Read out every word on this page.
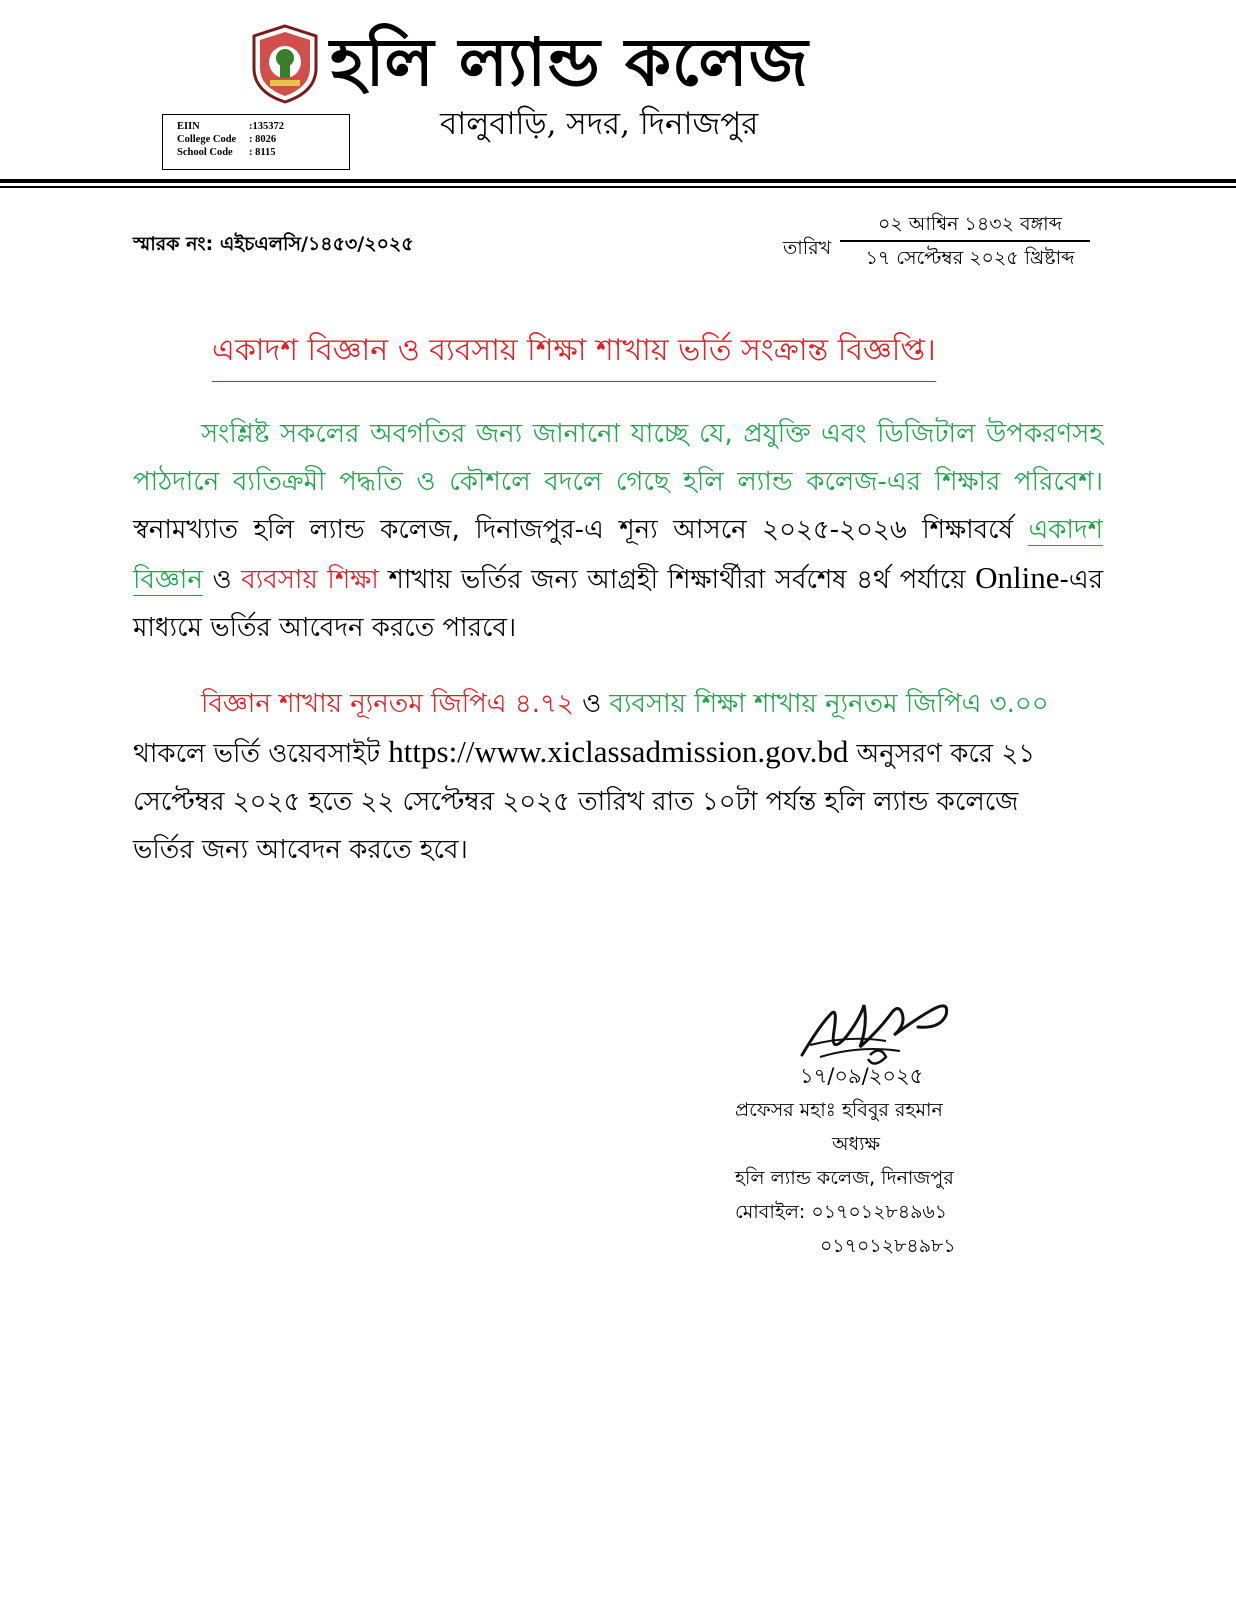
হলি ল্যান্ড কলেজ
বালুবাড়ি, সদর, দিনাজপুর
EIIN	:135372
College Code	: 8026
School Code	: 8115
স্মারক নং: এইচএলসি/১৪৫৩/২০২৫	তারিখ
০২ আশ্বিন ১৪৩২ বঙ্গাব্দ
১৭ সেপ্টেম্বর ২০২৫ খ্রিষ্টাব্দ
একাদশ বিজ্ঞান ও ব্যবসায় শিক্ষা শাখায় ভর্তি সংক্রান্ত বিজ্ঞপ্তি।
সংশ্লিষ্ট সকলের অবগতির জন্য জানানো যাচ্ছে যে, প্রযুক্তি এবং ডিজিটাল উপকরণসহ পাঠদানে ব্যতিক্রমী পদ্ধতি ও কৌশলে বদলে গেছে হলি ল্যান্ড কলেজ-এর শিক্ষার পরিবেশ। স্বনামখ্যাত হলি ল্যান্ড কলেজ, দিনাজপুর-এ শূন্য আসনে ২০২৫-২০২৬ শিক্ষাবর্ষে একাদশ বিজ্ঞান ও ব্যবসায় শিক্ষা শাখায় ভর্তির জন্য আগ্রহী শিক্ষার্থীরা সর্বশেষ ৪র্থ পর্যায়ে Online-এর মাধ্যমে ভর্তির আবেদন করতে পারবে।
বিজ্ঞান শাখায় ন্যূনতম জিপিএ ৪.৭২ ও ব্যবসায় শিক্ষা শাখায় ন্যূনতম জিপিএ ৩.০০ থাকলে ভর্তি ওয়েবসাইট https://www.xiclassadmission.gov.bd অনুসরণ করে ২১ সেপ্টেম্বর ২০২৫ হতে ২২ সেপ্টেম্বর ২০২৫ তারিখ রাত ১০টা পর্যন্ত হলি ল্যান্ড কলেজে ভর্তির জন্য আবেদন করতে হবে।
১৭/০৯/২০২৫
প্রফেসর মহাঃ হবিবুর রহমান
অধ্যক্ষ
হলি ল্যান্ড কলেজ, দিনাজপুর
মোবাইল: ০১৭০১২৮৪৯৬১
০১৭০১২৮৪৯৮১
